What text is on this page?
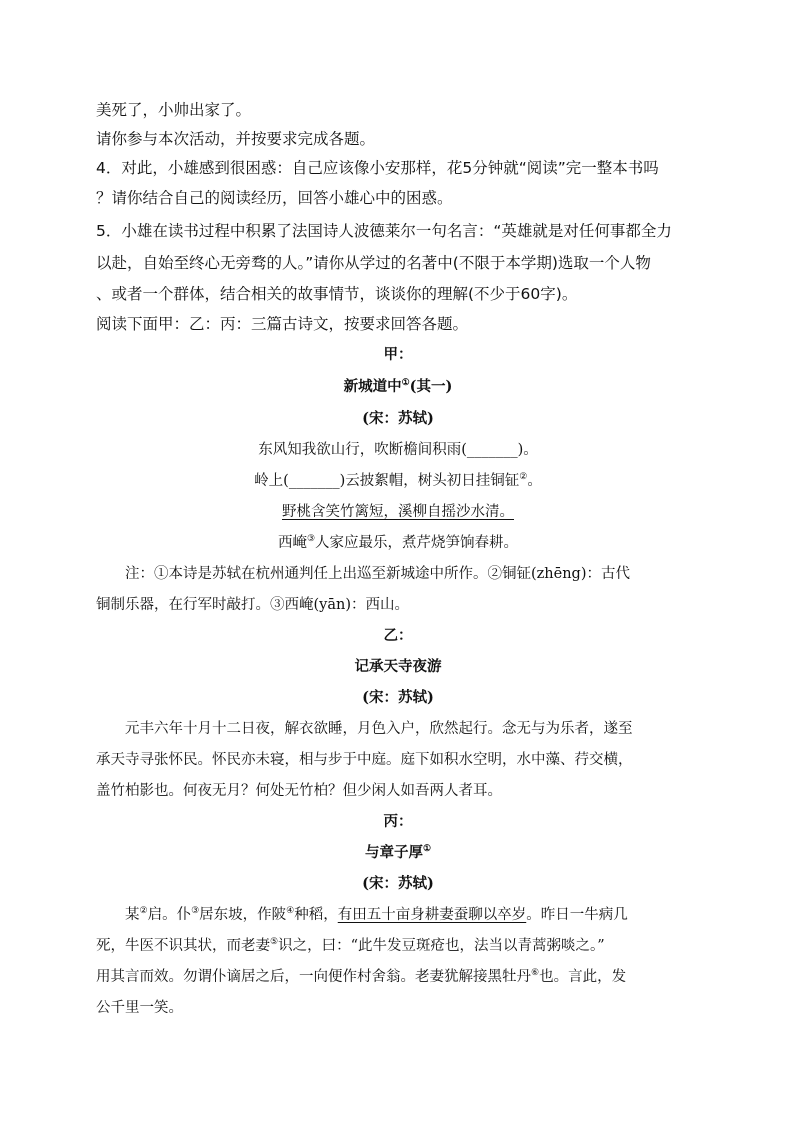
美死了，小帅出家了。
请你参与本次活动，并按要求完成各题。
4．对此，小雄感到很困惑：自己应该像小安那样，花5分钟就“阅读”完一整本书吗
？请你结合自己的阅读经历，回答小雄心中的困惑。
5．小雄在读书过程中积累了法国诗人波德莱尔一句名言：“英雄就是对任何事都全力
以赴，自始至终心无旁骛的人。”请你从学过的名著中(不限于本学期)选取一个人物
、或者一个群体，结合相关的故事情节，谈谈你的理解(不少于60字)。
阅读下面甲：乙：丙：三篇古诗文，按要求回答各题。
甲：
新城道中①(其一)
(宋：苏轼)
东风知我欲山行，吹断檐间积雨(_______)。
岭上(_______)云披絮帽，树头初日挂铜钲②。
野桃含笑竹篱短，溪柳自摇沙水清。
西崦③人家应最乐，煮芹烧笋饷春耕。
注：①本诗是苏轼在杭州通判任上出巡至新城途中所作。②铜钲(zhēng)：古代
铜制乐器，在行军时敲打。③西崦(yān)：西山。
乙：
记承天寺夜游
(宋：苏轼)
元丰六年十月十二日夜，解衣欲睡，月色入户，欣然起行。念无与为乐者，遂至
承天寺寻张怀民。怀民亦未寝，相与步于中庭。庭下如积水空明，水中藻、荇交横，
盖竹柏影也。何夜无月？何处无竹柏？但少闲人如吾两人者耳。
丙：
与章子厚①
(宋：苏轼)
某②启。仆③居东坡，作陂④种稻，有田五十亩身耕妻蚕聊以卒岁。昨日一牛病几
死，牛医不识其状，而老妻⑤识之，曰：“此牛发豆斑疮也，法当以青蒿粥啖之。”
用其言而效。勿谓仆谪居之后，一向便作村舍翁。老妻犹解接黑牡丹⑥也。言此，发
公千里一笑。
